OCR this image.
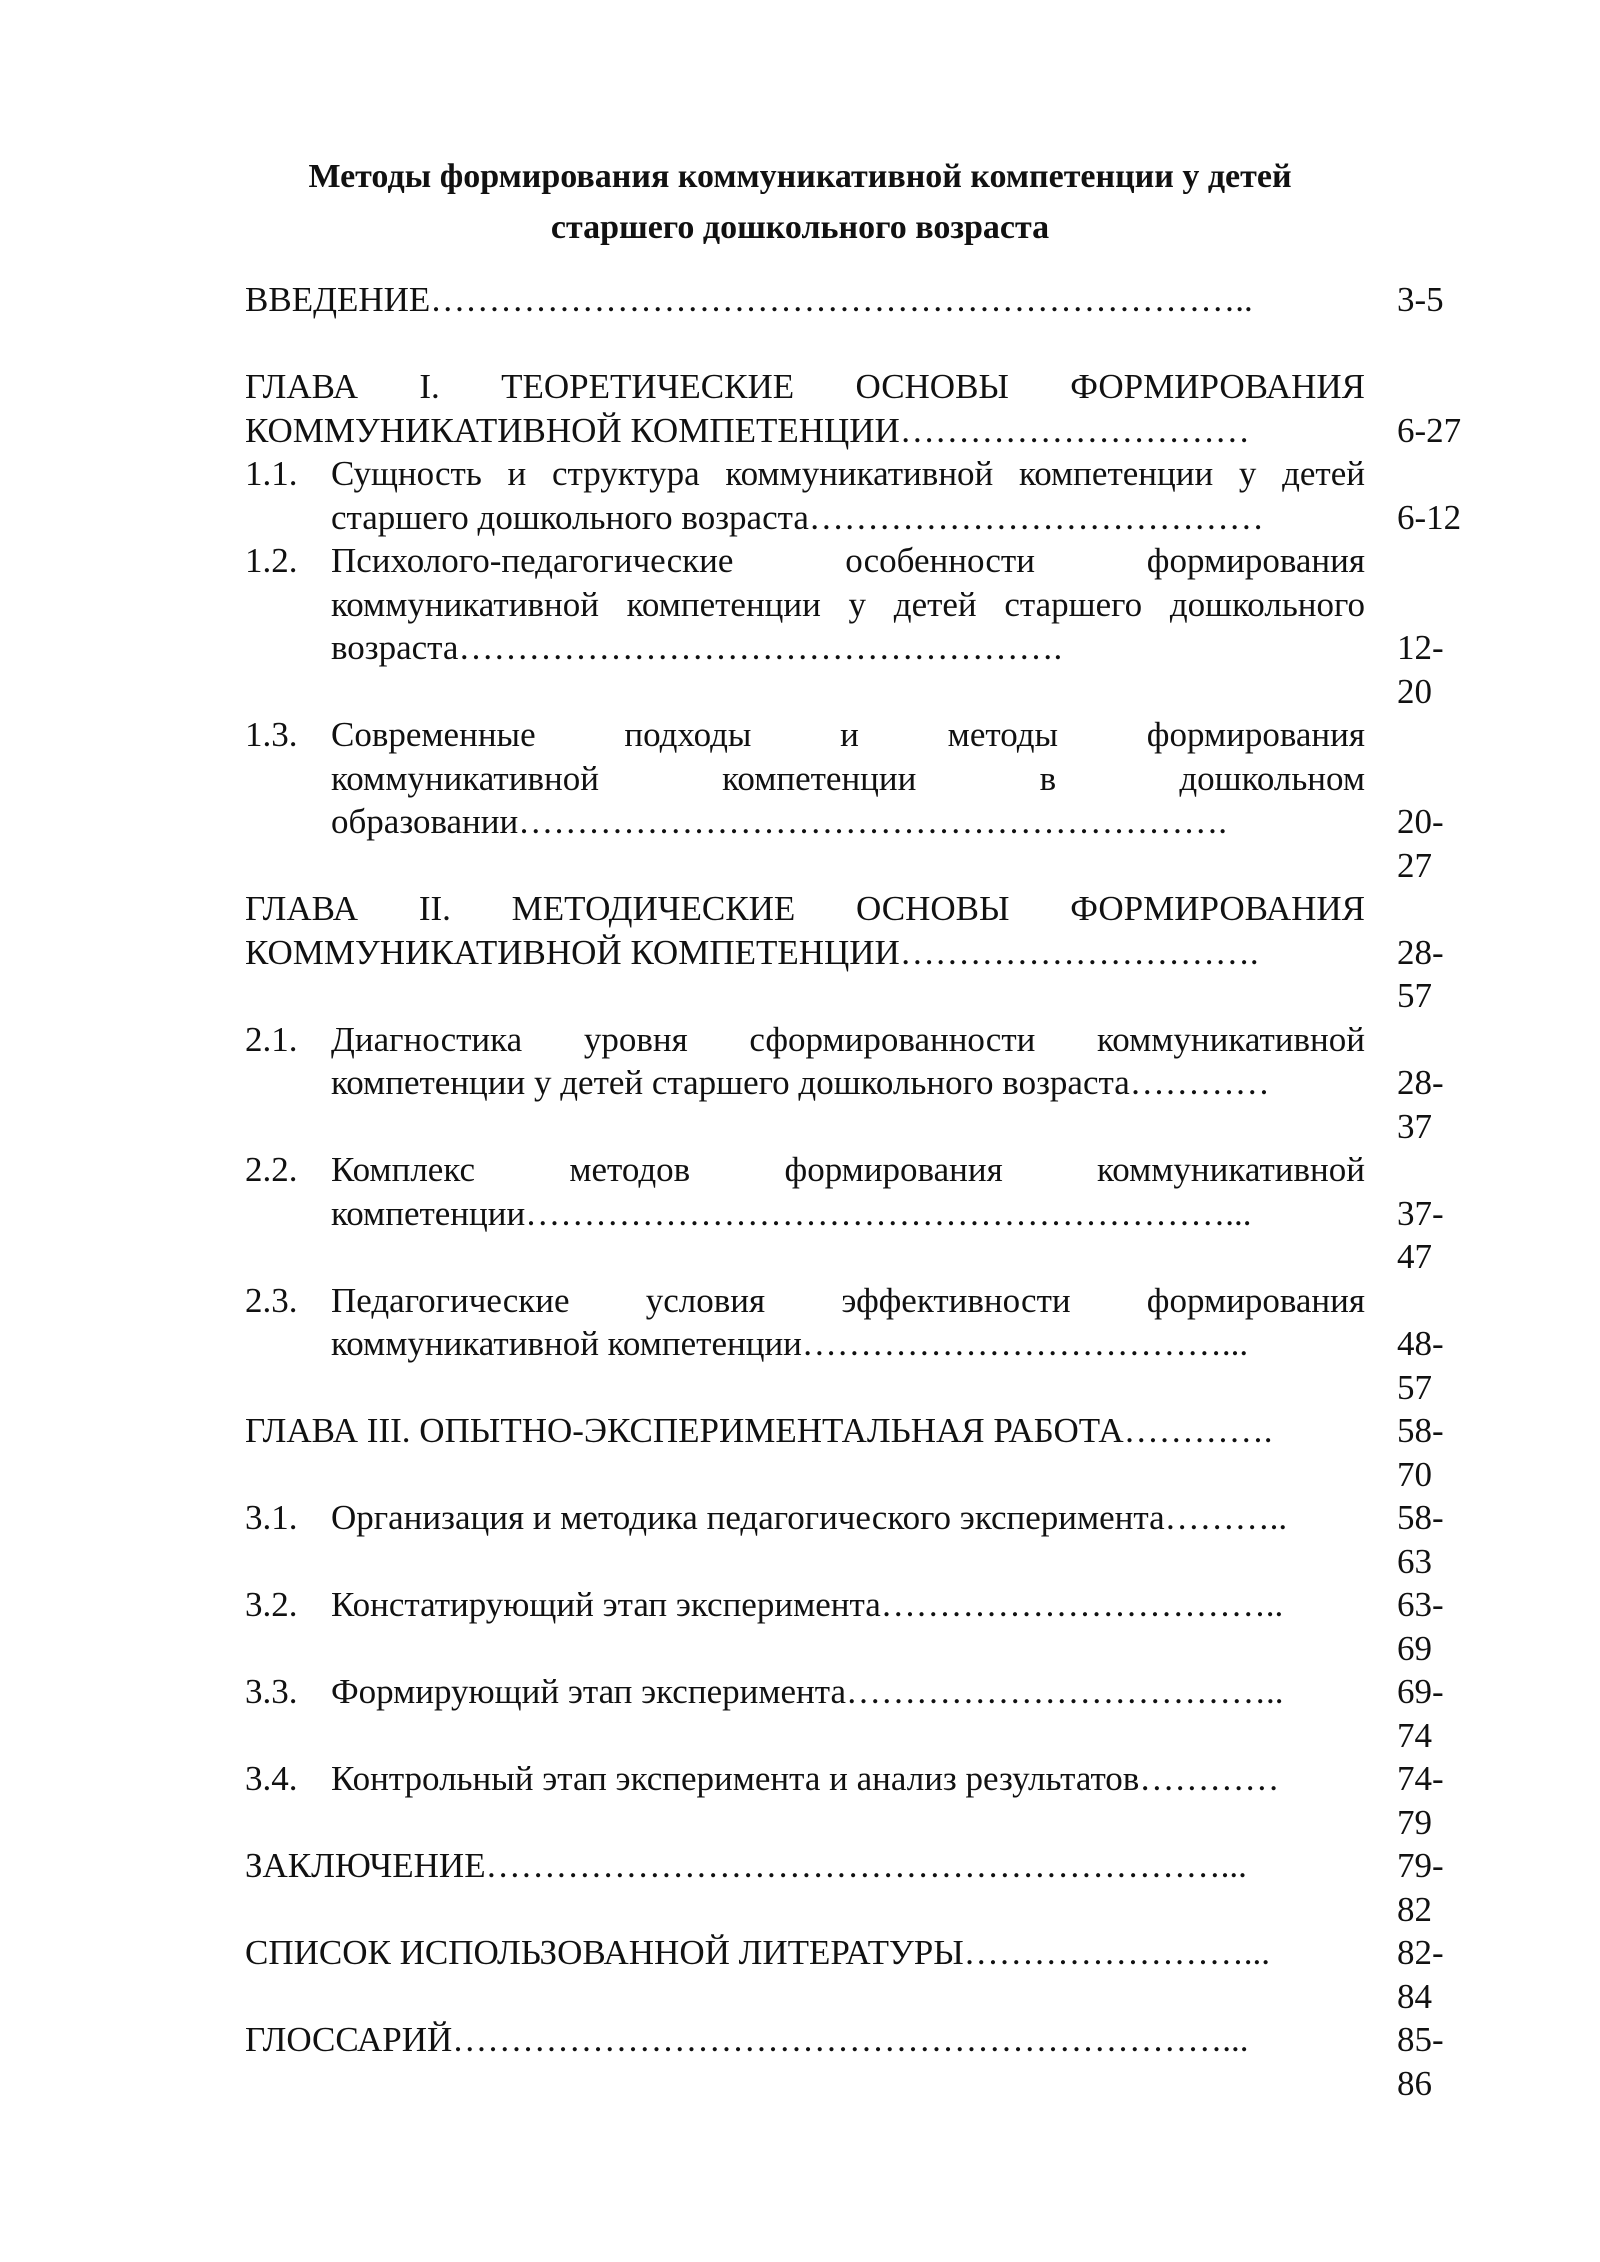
Методы формирования коммуникативной компетенции у детей
старшего дошкольного возраста
ВВЕДЕНИЕ……………………………………………………………..	3-5
ГЛАВА I. ТЕОРЕТИЧЕСКИЕ ОСНОВЫ ФОРМИРОВАНИЯ
КОММУНИКАТИВНОЙ КОМПЕТЕНЦИИ…………………………	6-27
1.1. Сущность и структура коммуникативной компетенции у детей
старшего дошкольного возраста…………………………………	6-12
1.2. Психолого-педагогические особенности формирования
коммуникативной компетенции у детей старшего дошкольного
возраста…………………………………………….	12-
20
1.3. Современные подходы и методы формирования
коммуникативной компетенции в дошкольном
образовании…………………………………………………….	20-
27
ГЛАВА II. МЕТОДИЧЕСКИЕ ОСНОВЫ ФОРМИРОВАНИЯ
КОММУНИКАТИВНОЙ КОМПЕТЕНЦИИ………………………….	28-
57
2.1. Диагностика уровня сформированности коммуникативной
компетенции у детей старшего дошкольного возраста…………	28-
37
2.2. Комплекс методов формирования коммуникативной
компетенции……………………………………………………...	37-
47
2.3. Педагогические условия эффективности формирования
коммуникативной компетенции………………………………...	48-
57
ГЛАВА III. ОПЫТНО-ЭКСПЕРИМЕНТАЛЬНАЯ РАБОТА………….	58-
70
3.1. Организация и методика педагогического эксперимента………..	58-
63
3.2. Констатирующий этап эксперимента……………………………..	63-
69
3.3. Формирующий этап эксперимента………………………………..	69-
74
3.4. Контрольный этап эксперимента и анализ результатов…………	74-
79
ЗАКЛЮЧЕНИЕ………………………………………………………...	79-
82
СПИСОК ИСПОЛЬЗОВАННОЙ ЛИТЕРАТУРЫ……………………...	82-
84
ГЛОССАРИЙ…………………………………………………………...	85-
86
